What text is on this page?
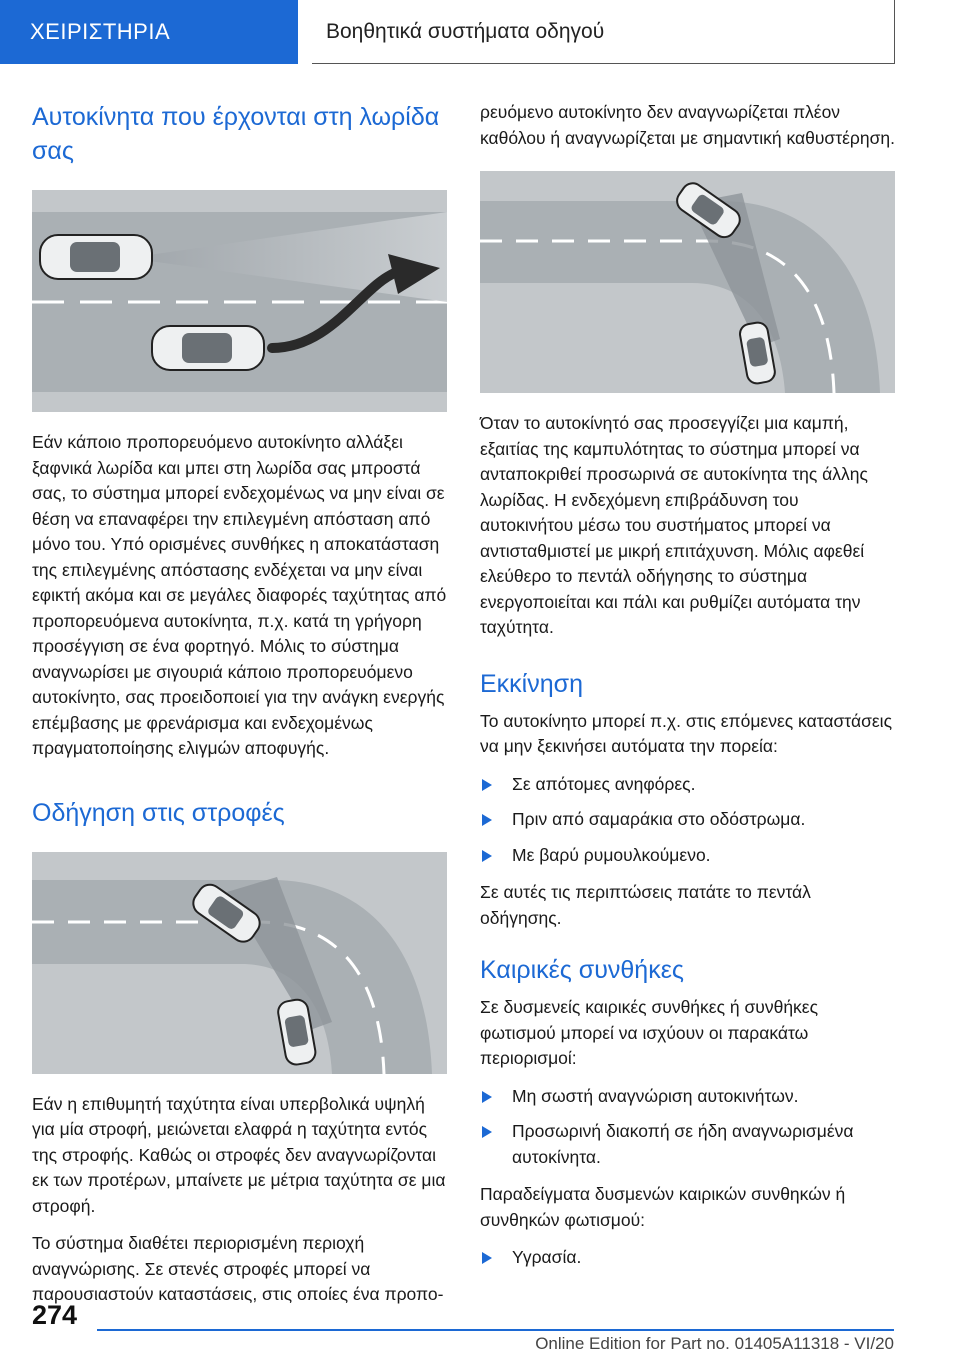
ΧΕΙΡΙΣΤΗΡΙΑ	Βοηθητικά συστήματα οδηγού
Αυτοκίνητα που έρχονται στη λωρίδα σας

Εάν κάποιο προπορευόμενο αυτοκίνητο αλλάξει ξαφνικά λωρίδα και μπει στη λωρίδα σας μπροστά σας, το σύστημα μπορεί ενδεχομένως να μην είναι σε θέση να επαναφέρει την επιλεγμένη απόσταση από μόνο του. Υπό ορισμένες συνθήκες η αποκατάσταση της επιλεγμένης απόστασης ενδέχεται να μην είναι εφικτή ακόμα και σε μεγάλες διαφορές ταχύτητας από προπορευόμενα αυτοκίνητα, π.χ. κατά τη γρήγορη προσέγγιση σε ένα φορτηγό. Μόλις το σύστημα αναγνωρίσει με σιγουριά κάποιο προπορευόμενο αυτοκίνητο, σας προειδοποιεί για την ανάγκη ενεργής επέμβασης με φρενάρισμα και ενδεχομένως πραγματοποίησης ελιγμών αποφυγής.

Οδήγηση στις στροφές

Εάν η επιθυμητή ταχύτητα είναι υπερβολικά υψηλή για μία στροφή, μειώνεται ελαφρά η ταχύτητα εντός της στροφής. Καθώς οι στροφές δεν αναγνωρίζονται εκ των προτέρων, μπαίνετε με μέτρια ταχύτητα σε μια στροφή.

Το σύστημα διαθέτει περιορισμένη περιοχή αναγνώρισης. Σε στενές στροφές μπορεί να παρουσιαστούν καταστάσεις, στις οποίες ένα προπο-

ρευόμενο αυτοκίνητο δεν αναγνωρίζεται πλέον καθόλου ή αναγνωρίζεται με σημαντική καθυστέρηση.

Όταν το αυτοκίνητό σας προσεγγίζει μια καμπή, εξαιτίας της καμπυλότητας το σύστημα μπορεί να ανταποκριθεί προσωρινά σε αυτοκίνητα της άλλης λωρίδας. Η ενδεχόμενη επιβράδυνση του αυτοκινήτου μέσω του συστήματος μπορεί να αντισταθμιστεί με μικρή επιτάχυνση. Μόλις αφεθεί ελεύθερο το πεντάλ οδήγησης το σύστημα ενεργοποιείται και πάλι και ρυθμίζει αυτόματα την ταχύτητα.

Εκκίνηση

Το αυτοκίνητο μπορεί π.χ. στις επόμενες καταστάσεις να μην ξεκινήσει αυτόματα την πορεία:

Σε απότομες ανηφόρες.
Πριν από σαμαράκια στο οδόστρωμα.
Με βαρύ ρυμουλκούμενο.

Σε αυτές τις περιπτώσεις πατάτε το πεντάλ οδήγησης.

Καιρικές συνθήκες

Σε δυσμενείς καιρικές συνθήκες ή συνθήκες φωτισμού μπορεί να ισχύουν οι παρακάτω περιορισμοί:

Μη σωστή αναγνώριση αυτοκινήτων.
Προσωρινή διακοπή σε ήδη αναγνωρισμένα αυτοκίνητα.

Παραδείγματα δυσμενών καιρικών συνθηκών ή συνθηκών φωτισμού:

Υγρασία.
274
Online Edition for Part no. 01405A11318 - VI/20
